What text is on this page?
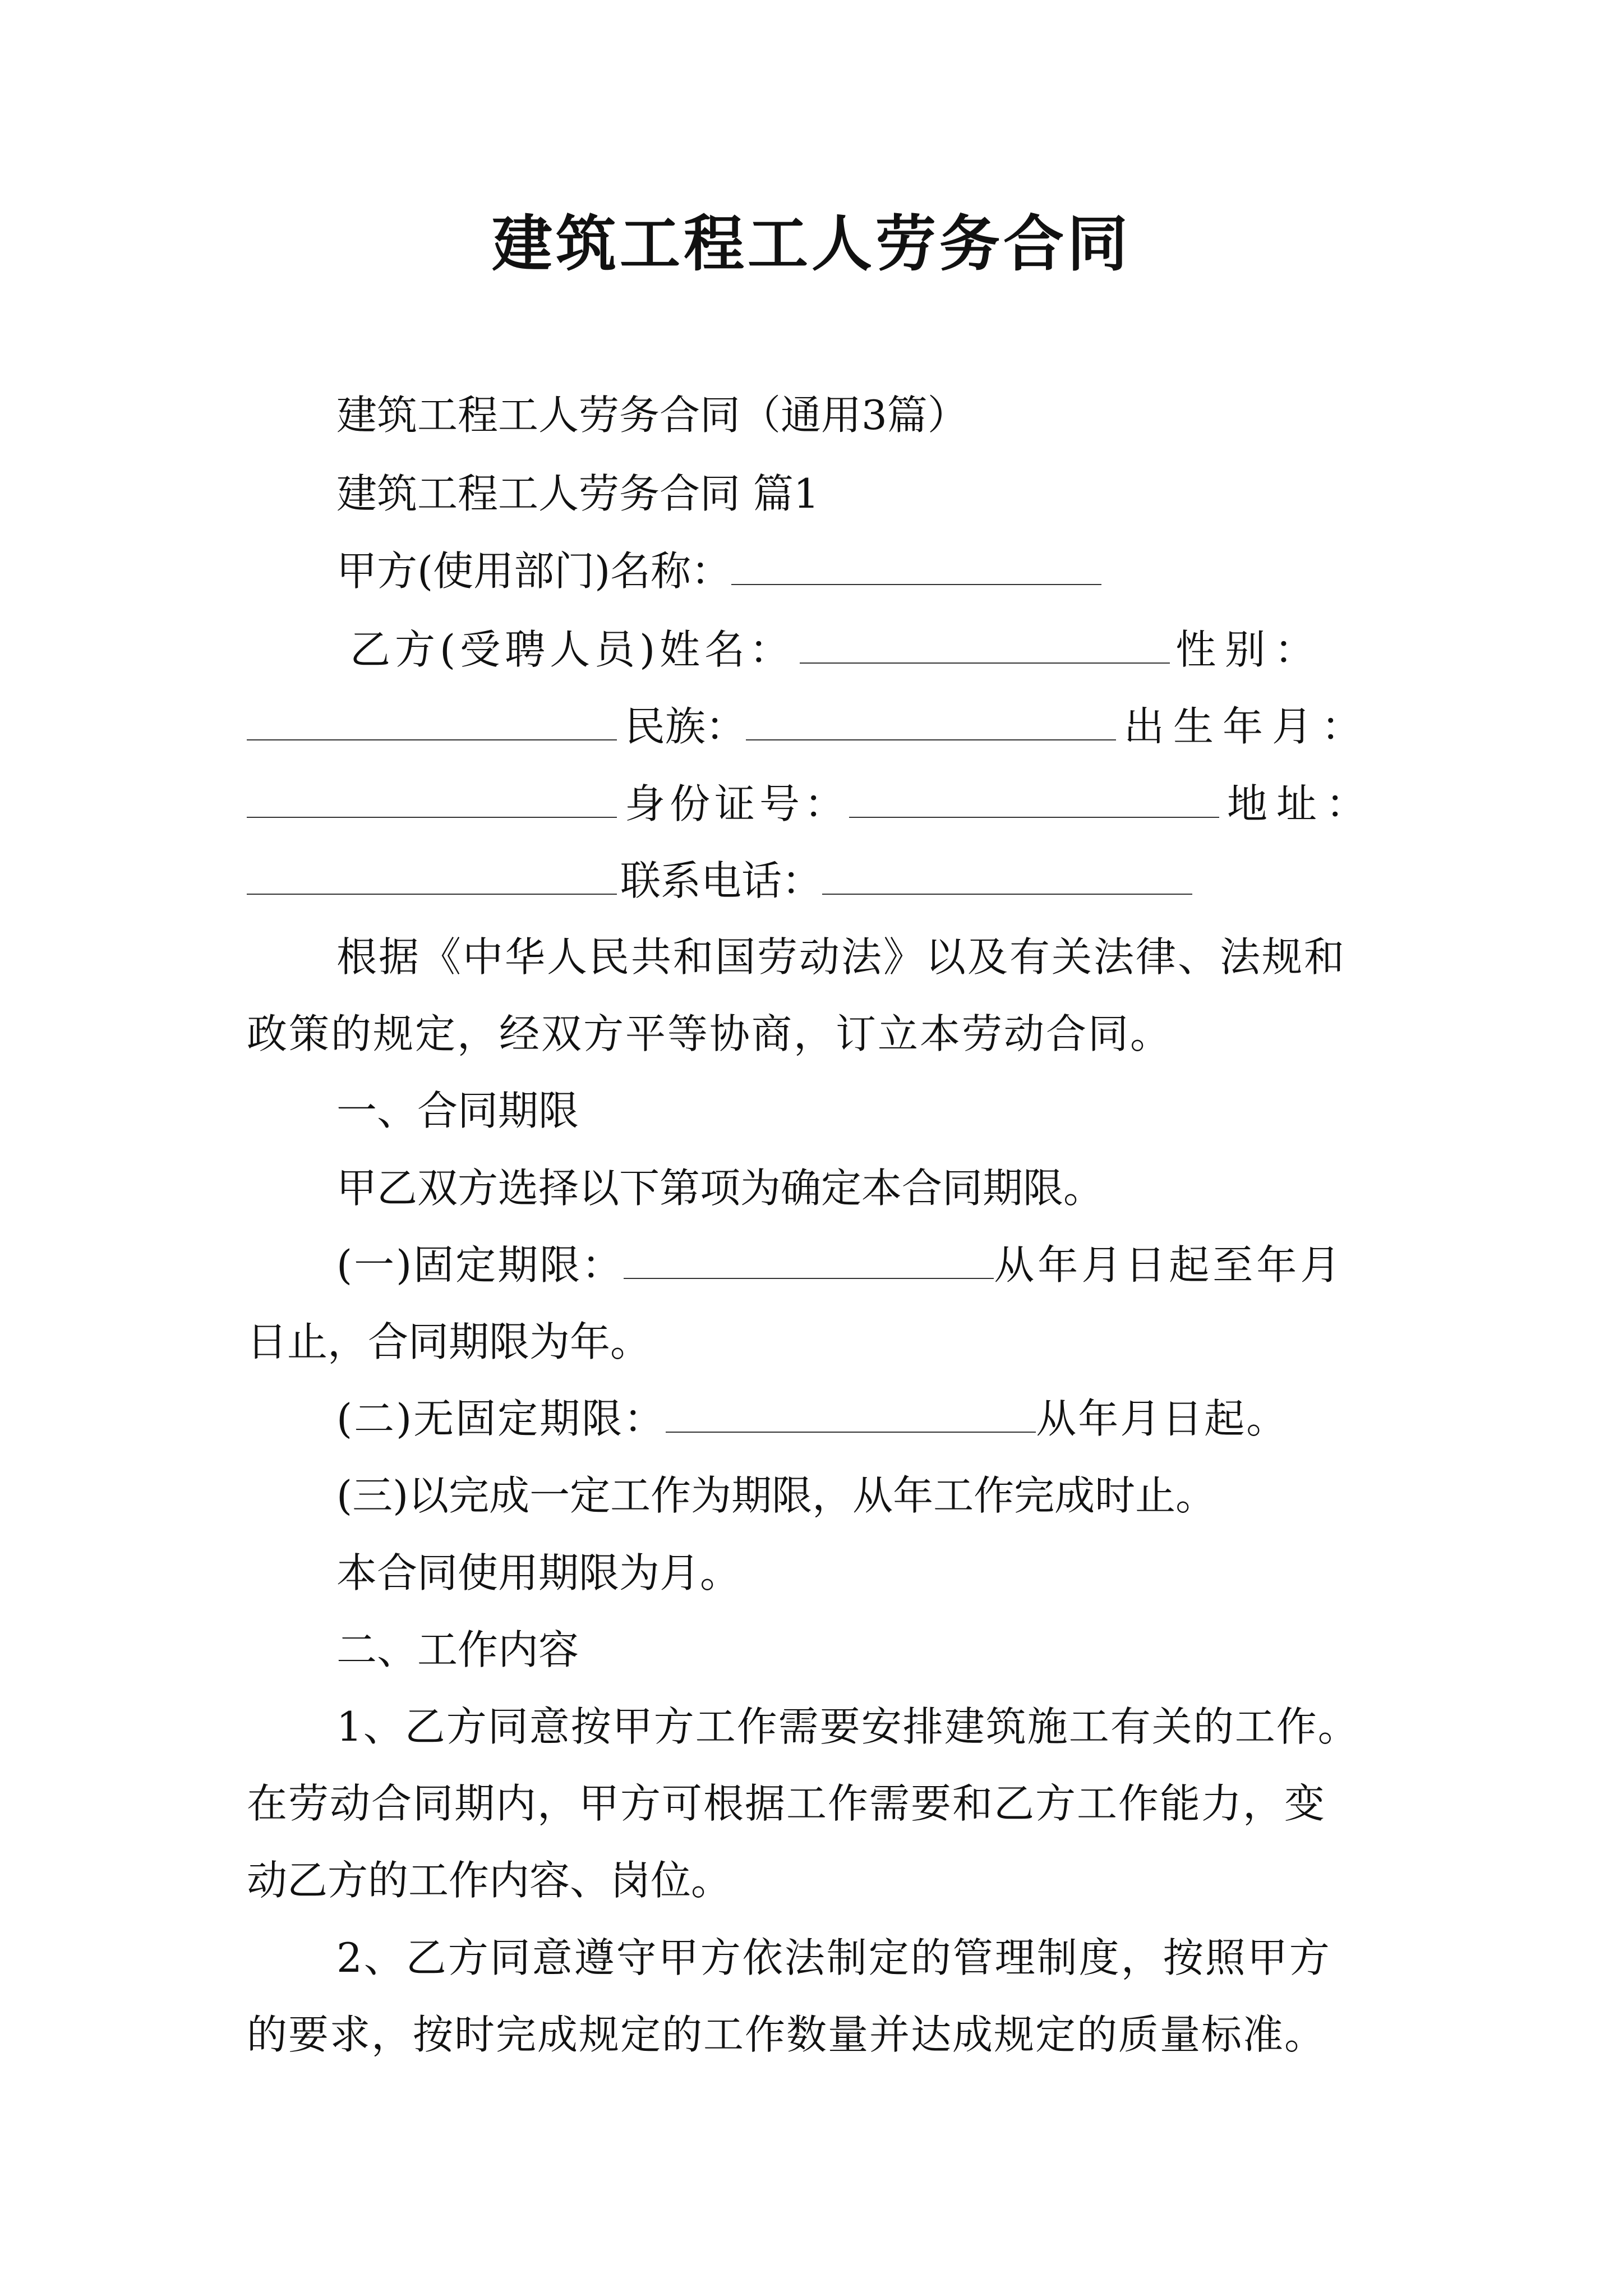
建筑工程工人劳务合同
建筑工程工人劳务合同（通用3篇）
建筑工程工人劳务合同 篇1
甲方(使用部门)名称：
乙方(受聘人员)姓名：	性别：
民族：	出生年月：
身份证号：	地址：
联系电话：
根据《中华人民共和国劳动法》以及有关法律、法规和
政策的规定，经双方平等协商，订立本劳动合同。
一、合同期限
甲乙双方选择以下第项为确定本合同期限。
(一)固定期限：	从年月日起至年月
日止，合同期限为年。
(二)无固定期限：	从年月日起。
(三)以完成一定工作为期限，从年工作完成时止。
本合同使用期限为月。
二、工作内容
1、乙方同意按甲方工作需要安排建筑施工有关的工作。
在劳动合同期内，甲方可根据工作需要和乙方工作能力，变
动乙方的工作内容、岗位。
2、乙方同意遵守甲方依法制定的管理制度，按照甲方
的要求，按时完成规定的工作数量并达成规定的质量标准。
